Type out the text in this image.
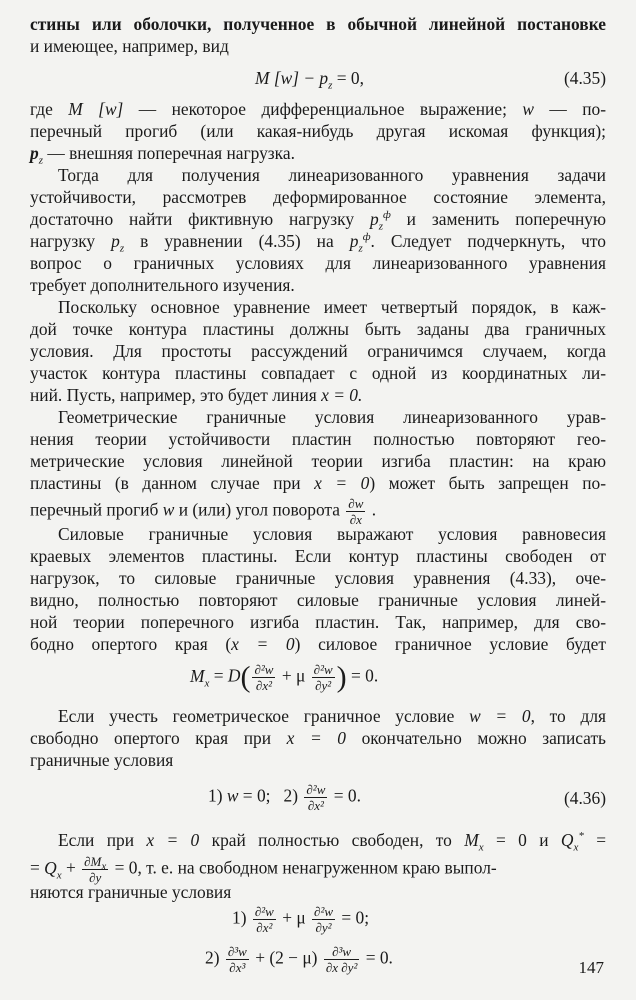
стины или оболочки, полученное в обычной линейной постановке
и имеющее, например, вид
M $[w] - p_z = 0$,	(4.35)
где M [w] — некоторое дифференциальное выражение; w — по-
перечный прогиб (или какая-нибудь другая искомая функция);
$p_z$ — внешняя поперечная нагрузка.
Тогда для получения линеаризованного уравнения задачи
устойчивости, рассмотрев деформированное состояние элемента,
достаточно найти фиктивную нагрузку $p_z^ф$ и заменить поперечную
нагрузку $p_z$ в уравнении (4.35) на $p_z^ф$. Следует подчеркнуть, что
вопрос о граничных условиях для линеаризованного уравнения
требует дополнительного изучения.
Поскольку основное уравнение имеет четвертый порядок, в каж-
дой точке контура пластины должны быть заданы два граничных
условия. Для простоты рассуждений ограничимся случаем, когда
участок контура пластины совпадает с одной из координатных ли-
ний. Пусть, например, это будет линия x = 0.
Геометрические граничные условия линеаризованного урав-
нения теории устойчивости пластин полностью повторяют гео-
метрические условия линейной теории изгиба пластин: на краю
пластины (в данном случае при x = 0) может быть запрещен по-
перечный прогиб w и (или) угол поворота $\frac{\partial w}{\partial x}$ .
Силовые граничные условия выражают условия равновесия
краевых элементов пластины. Если контур пластины свободен от
нагрузок, то силовые граничные условия уравнения (4.33), оче-
видно, полностью повторяют силовые граничные условия линей-
ной теории поперечного изгиба пластин. Так, например, для сво-
бодно опертого края (x = 0) силовое граничное условие будет
$M_x = D( \frac{\text{∂²w}}{\text{∂x²}} + \mu \frac{\text{∂²w}}{\text{∂y²}}$ ) = 0.
Если учесть геометрическое граничное условие w = 0, то для
свободно опертого края при x = 0 окончательно можно записать
граничные условия
1) w = 0;   $2) \frac{\text{∂²w}}{\text{∂x²}} = 0$.	(4.36)
Если при x = 0 край полностью свободен, то $M_x = 0$ и $Q_x^*$ =
= $Q_x + \frac{\partial M_x}{\partial y} = 0$, т. е. на свободном ненагруженном краю выпол-
няются граничные условия
$1) \frac{\text{∂²w}}{\text{∂x²}} + \mu \frac{\text{∂²w}}{\text{∂y²}} = 0$;
$2) \frac{\text{∂³w}}{\text{∂x³}} + (2 - \mu) \frac{\text{∂³w}}{\text{∂x ∂y²}} = 0$.	147
